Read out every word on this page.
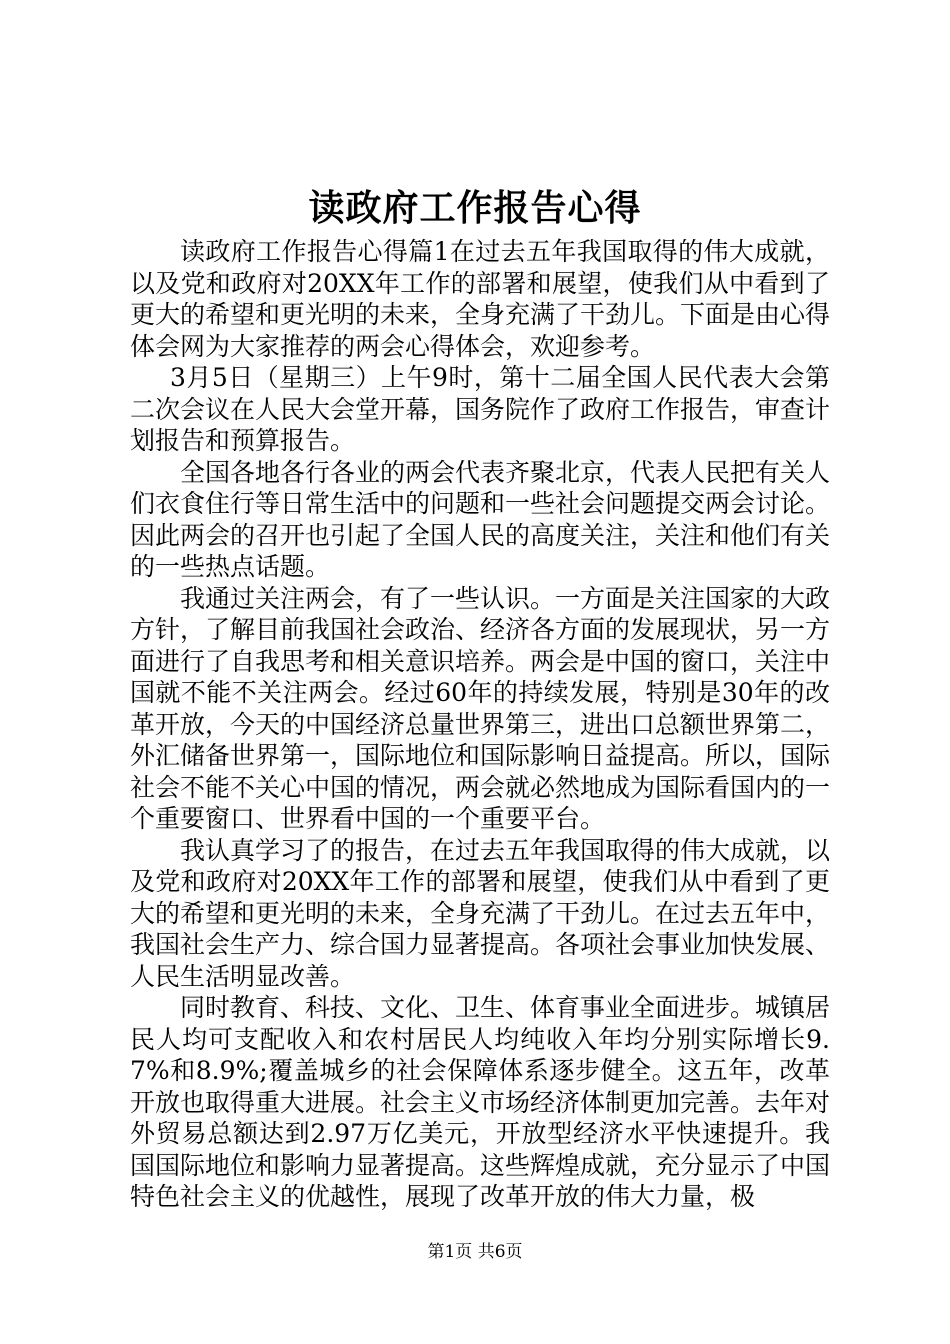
读政府工作报告心得

读政府工作报告心得篇1在过去五年我国取得的伟大成就，以及党和政府对20XX年工作的部署和展望，使我们从中看到了更大的希望和更光明的未来，全身充满了干劲儿。下面是由心得体会网为大家推荐的两会心得体会，欢迎参考。

3月5日（星期三）上午9时，第十二届全国人民代表大会第二次会议在人民大会堂开幕，国务院作了政府工作报告，审查计划报告和预算报告。

全国各地各行各业的两会代表齐聚北京，代表人民把有关人们衣食住行等日常生活中的问题和一些社会问题提交两会讨论。因此两会的召开也引起了全国人民的高度关注，关注和他们有关的一些热点话题。

我通过关注两会，有了一些认识。一方面是关注国家的大政方针，了解目前我国社会政治、经济各方面的发展现状，另一方面进行了自我思考和相关意识培养。两会是中国的窗口，关注中国就不能不关注两会。经过60年的持续发展，特别是30年的改革开放，今天的中国经济总量世界第三，进出口总额世界第二，外汇储备世界第一，国际地位和国际影响日益提高。所以，国际社会不能不关心中国的情况，两会就必然地成为国际看国内的一个重要窗口、世界看中国的一个重要平台。

我认真学习了的报告，在过去五年我国取得的伟大成就，以及党和政府对20XX年工作的部署和展望，使我们从中看到了更大的希望和更光明的未来，全身充满了干劲儿。在过去五年中，我国社会生产力、综合国力显著提高。各项社会事业加快发展、人民生活明显改善。

同时教育、科技、文化、卫生、体育事业全面进步。城镇居民人均可支配收入和农村居民人均纯收入年均分别实际增长9.7%和8.9%;覆盖城乡的社会保障体系逐步健全。这五年，改革开放也取得重大进展。社会主义市场经济体制更加完善。去年对外贸易总额达到2.97万亿美元，开放型经济水平快速提升。我国国际地位和影响力显著提高。这些辉煌成就，充分显示了中国特色社会主义的优越性，展现了改革开放的伟大力量，极

第1页 共6页
